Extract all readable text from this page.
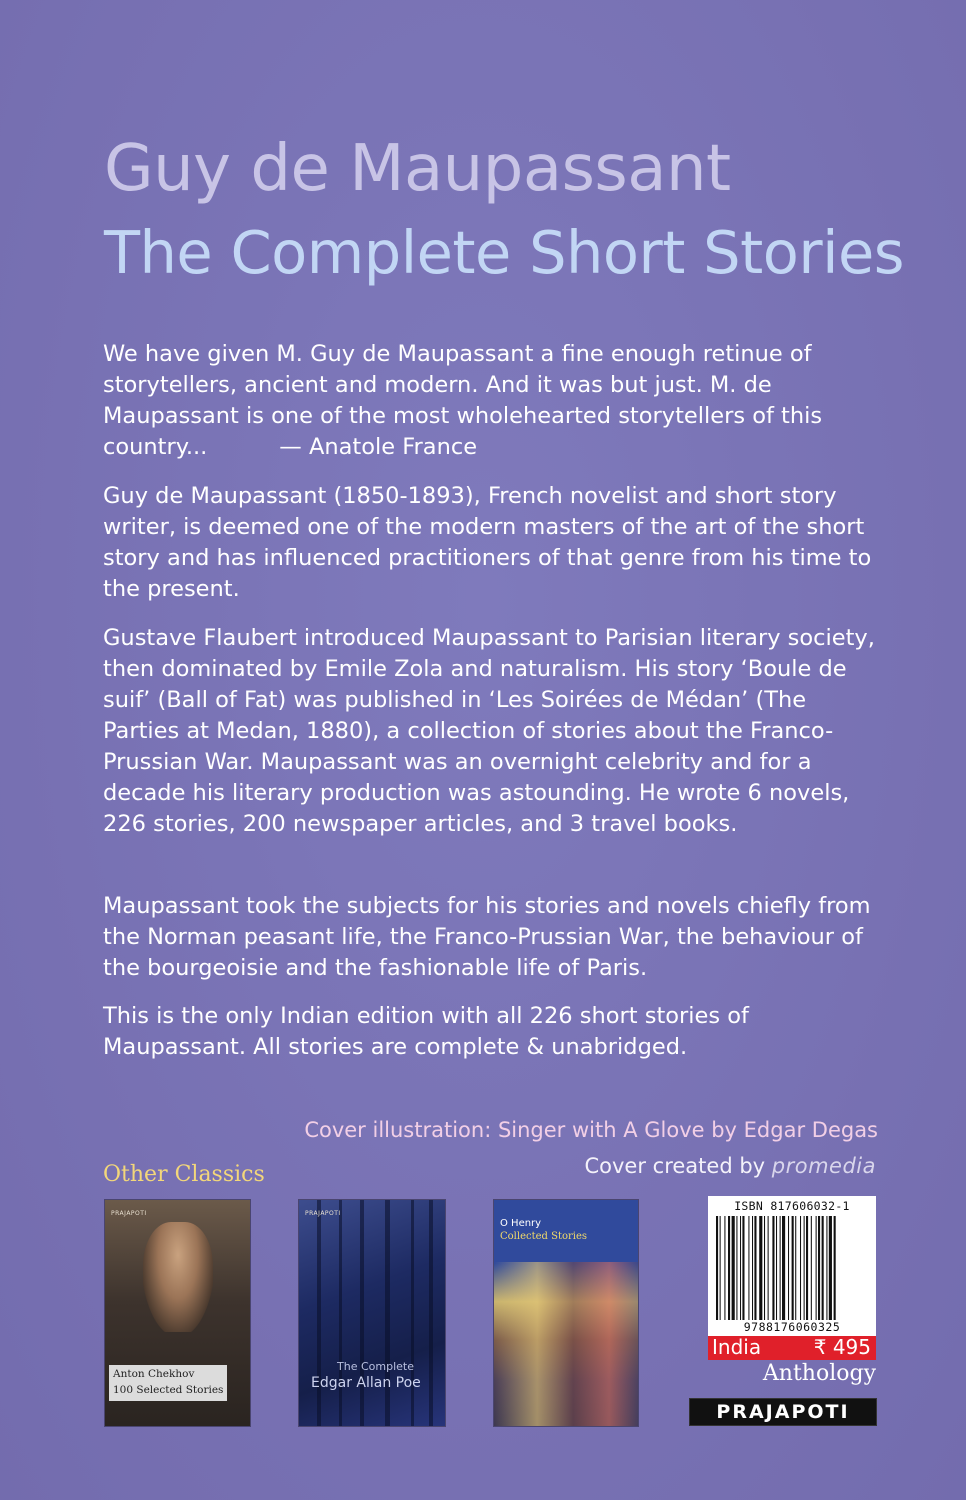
Guy de Maupassant
The Complete Short Stories

We have given M. Guy de Maupassant a fine enough retinue of storytellers, ancient and modern. And it was but just. M. de Maupassant is one of the most wholehearted storytellers of this country...	— Anatole France

Guy de Maupassant (1850-1893), French novelist and short story writer, is deemed one of the modern masters of the art of the short story and has influenced practitioners of that genre from his time to the present.

Gustave Flaubert introduced Maupassant to Parisian literary society, then dominated by Emile Zola and naturalism. His story ‘Boule de suif’ (Ball of Fat) was published in ‘Les Soirées de Médan’ (The Parties at Medan, 1880), a collection of stories about the Franco-Prussian War. Maupassant was an overnight celebrity and for a decade his literary production was astounding. He wrote 6 novels, 226 stories, 200 newspaper articles, and 3 travel books.

Maupassant took the subjects for his stories and novels chiefly from the Norman peasant life, the Franco-Prussian War, the behaviour of the bourgeoisie and the fashionable life of Paris.

This is the only Indian edition with all 226 short stories of Maupassant. All stories are complete & unabridged.

Cover illustration: Singer with A Glove by Edgar Degas
Cover created by promedia
Other Classics
PRAJAPOTI
Anton Chekhov
100 Selected Stories
PRAJAPOTI
The Complete
Edgar Allan Poe
O Henry
Collected Stories
ISBN 817606032-1
9788176060325
India	₹ 495
Anthology
PRAJAPOTI
